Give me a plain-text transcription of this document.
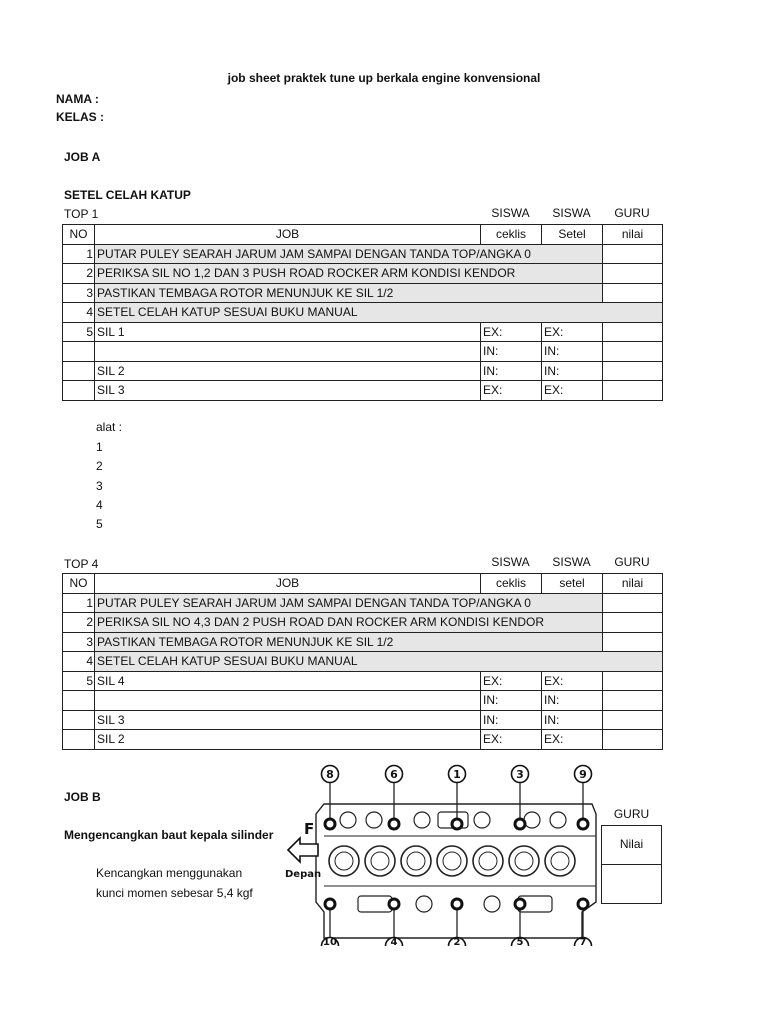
job sheet praktek tune up berkala engine konvensional
NAMA :
KELAS :
JOB A
SETEL CELAH KATUP
TOP 1	SISWA	SISWA	GURU
NO	JOB	ceklis	Setel	nilai
1	PUTAR PULEY SEARAH JARUM JAM SAMPAI DENGAN TANDA TOP/ANGKA 0			
2	PERIKSA SIL NO 1,2 DAN 3 PUSH ROAD ROCKER ARM KONDISI KENDOR			
3	PASTIKAN TEMBAGA ROTOR MENUNJUK KE SIL 1/2			
4	SETEL CELAH KATUP SESUAI BUKU MANUAL			
5	SIL 1	EX:	EX:	
		IN:	IN:	
	SIL 2	IN:	IN:	
	SIL 3	EX:	EX:	
alat :
1
2
3
4
5
TOP 4	SISWA	SISWA	GURU
NO	JOB	ceklis	setel	nilai
1	PUTAR PULEY SEARAH JARUM JAM SAMPAI DENGAN TANDA TOP/ANGKA 0			
2	PERIKSA SIL NO 4,3 DAN 2 PUSH ROAD DAN ROCKER ARM KONDISI KENDOR			
3	PASTIKAN TEMBAGA ROTOR MENUNJUK KE SIL 1/2			
4	SETEL CELAH KATUP SESUAI BUKU MANUAL			
5	SIL 4	EX:	EX:	
		IN:	IN:	
	SIL 3	IN:	IN:	
	SIL 2	EX:	EX:	
JOB B
Mengencangkan baut kepala silinder
Kencangkan menggunakan
kunci momen sebesar 5,4 kgf
GURU
Nilai
8	6	1	3	9
10	4	2	5	7
F
Depan
